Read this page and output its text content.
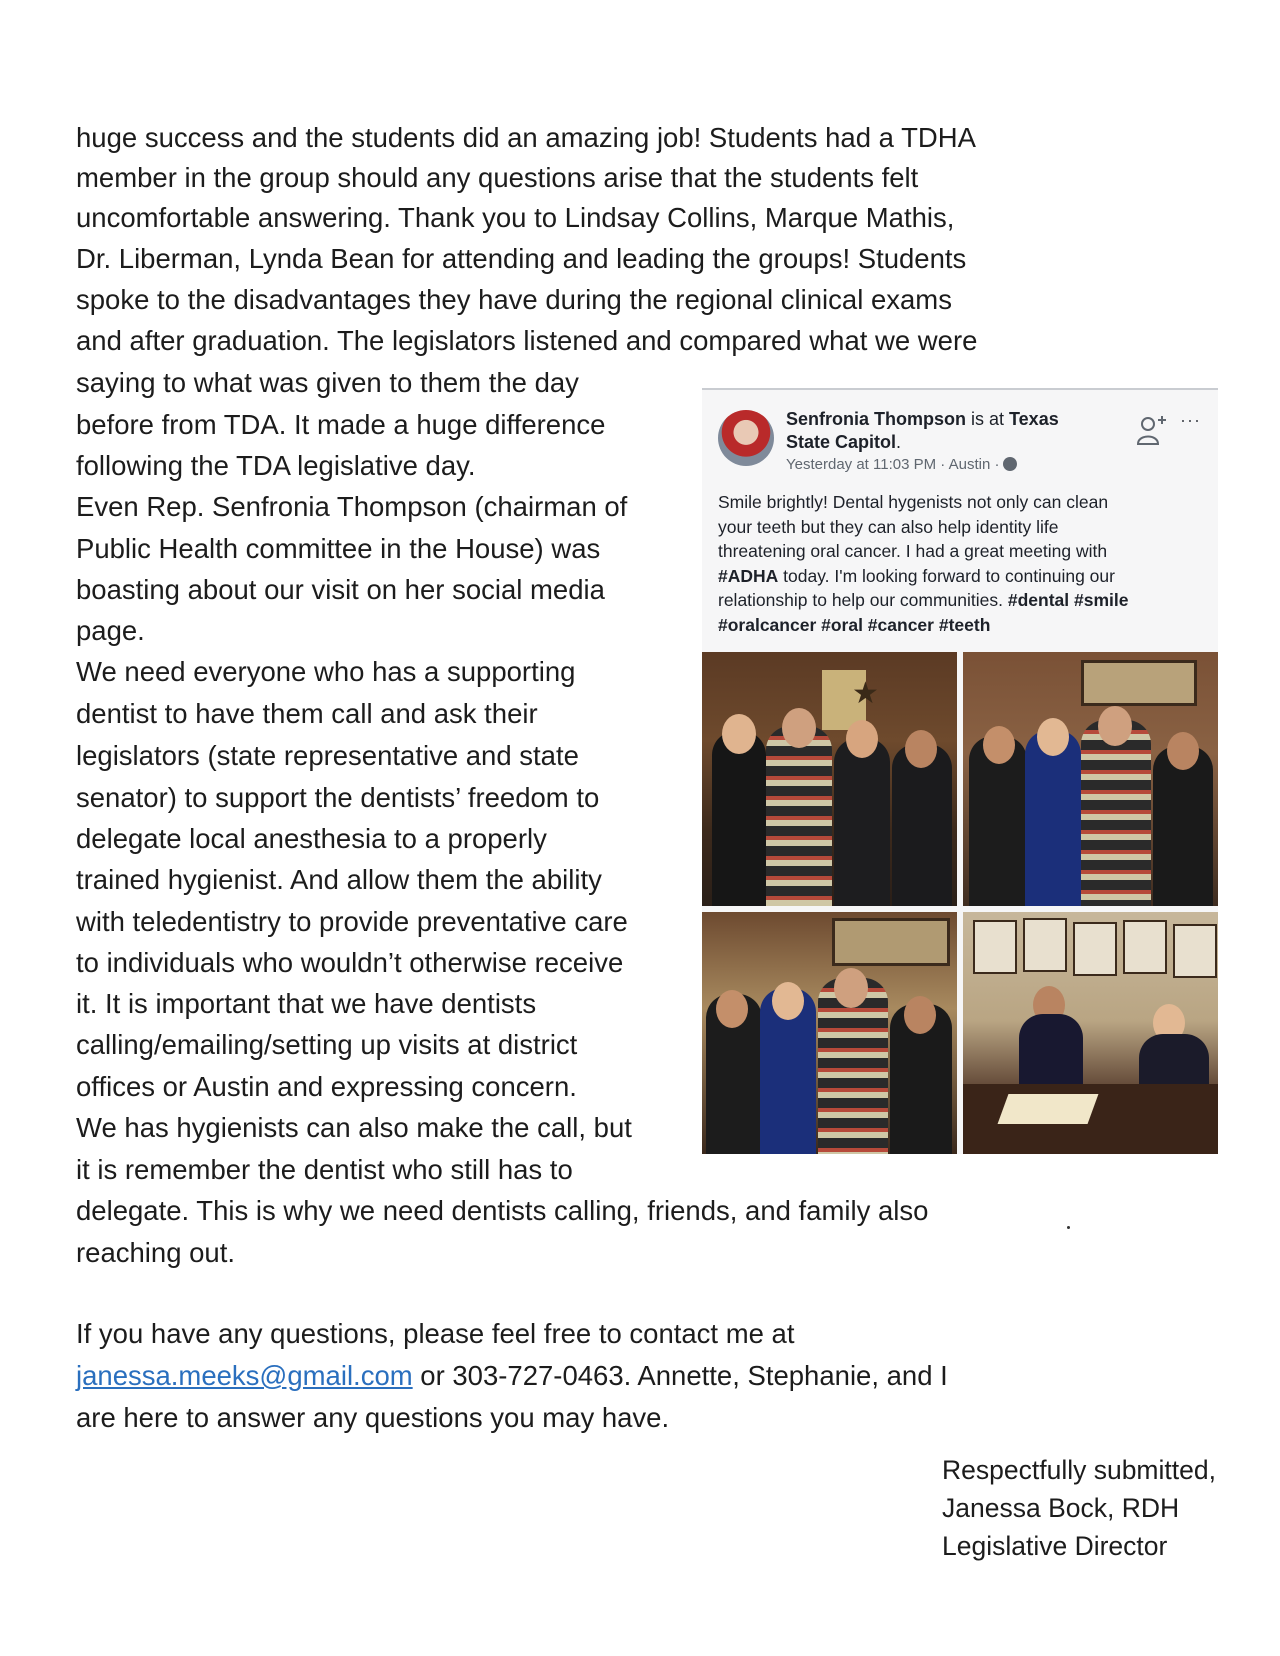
huge success and the students did an amazing job! Students had a TDHA
member in the group should any questions arise that the students felt
uncomfortable answering. Thank you to Lindsay Collins, Marque Mathis,
Dr. Liberman, Lynda Bean for attending and leading the groups! Students
spoke to the disadvantages they have during the regional clinical exams
and after graduation. The legislators listened and compared what we were
saying to what was given to them the day
before from TDA. It made a huge difference
following the TDA legislative day.
Even Rep. Senfronia Thompson (chairman of
Public Health committee in the House) was
boasting about our visit on her social media
page.
We need everyone who has a supporting
dentist to have them call and ask their
legislators (state representative and state
senator) to support the dentists’ freedom to
delegate local anesthesia to a properly
trained hygienist. And allow them the ability
with teledentistry to provide preventative care
to individuals who wouldn’t otherwise receive
it. It is important that we have dentists
calling/emailing/setting up visits at district
offices or Austin and expressing concern.
We has hygienists can also make the call, but
it is remember the dentist who still has to
delegate. This is why we need dentists calling, friends, and family also
reaching out.
If you have any questions, please feel free to contact me at
janessa.meeks@gmail.com or 303-727-0463. Annette, Stephanie, and I
are here to answer any questions you may have.
Senfronia Thompson is at Texas
State Capitol.
Yesterday at 11:03 PM · Austin ·
···
Smile brightly! Dental hygenists not only can clean
your teeth but they can also help identity life
threatening oral cancer. I had a great meeting with
#ADHA today. I'm looking forward to continuing our
relationship to help our communities. #dental #smile
#oralcancer #oral #cancer #teeth
★
Respectfully submitted,
Janessa Bock, RDH
Legislative Director
